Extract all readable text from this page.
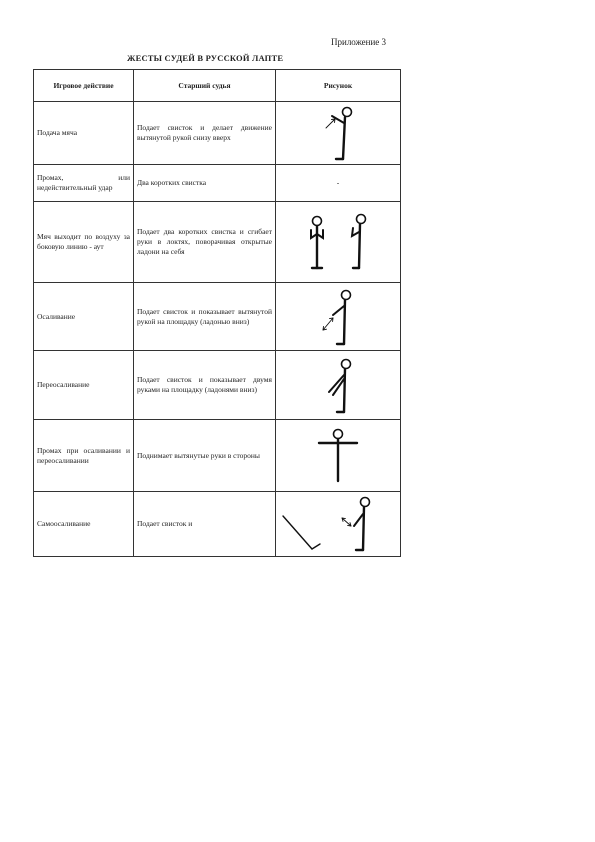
Приложение 3
ЖЕСТЫ СУДЕЙ В РУССКОЙ ЛАПТЕ
Игровое действие	Старший судья	Рисунок
Подача мяча	Подает свисток и делает движение вытянутой рукой снизу вверх	

Промах, или недействительный удар	Два коротких свистка	-
Мяч выходит по воздуху за боковую линию - аут	Подает два коротких свистка и сгибает руки в локтях, поворачивая открытые ладони на себя	

Осаливание	Подает свисток и показывает вытянутой рукой на площадку (ладонью вниз)	

Переосаливание	Подает свисток и показывает двумя руками на площадку (ладонями вниз)	

Промах при осаливании и переосаливании	Поднимает вытянутые руки в стороны	

Самоосаливание	Подает свисток и	
